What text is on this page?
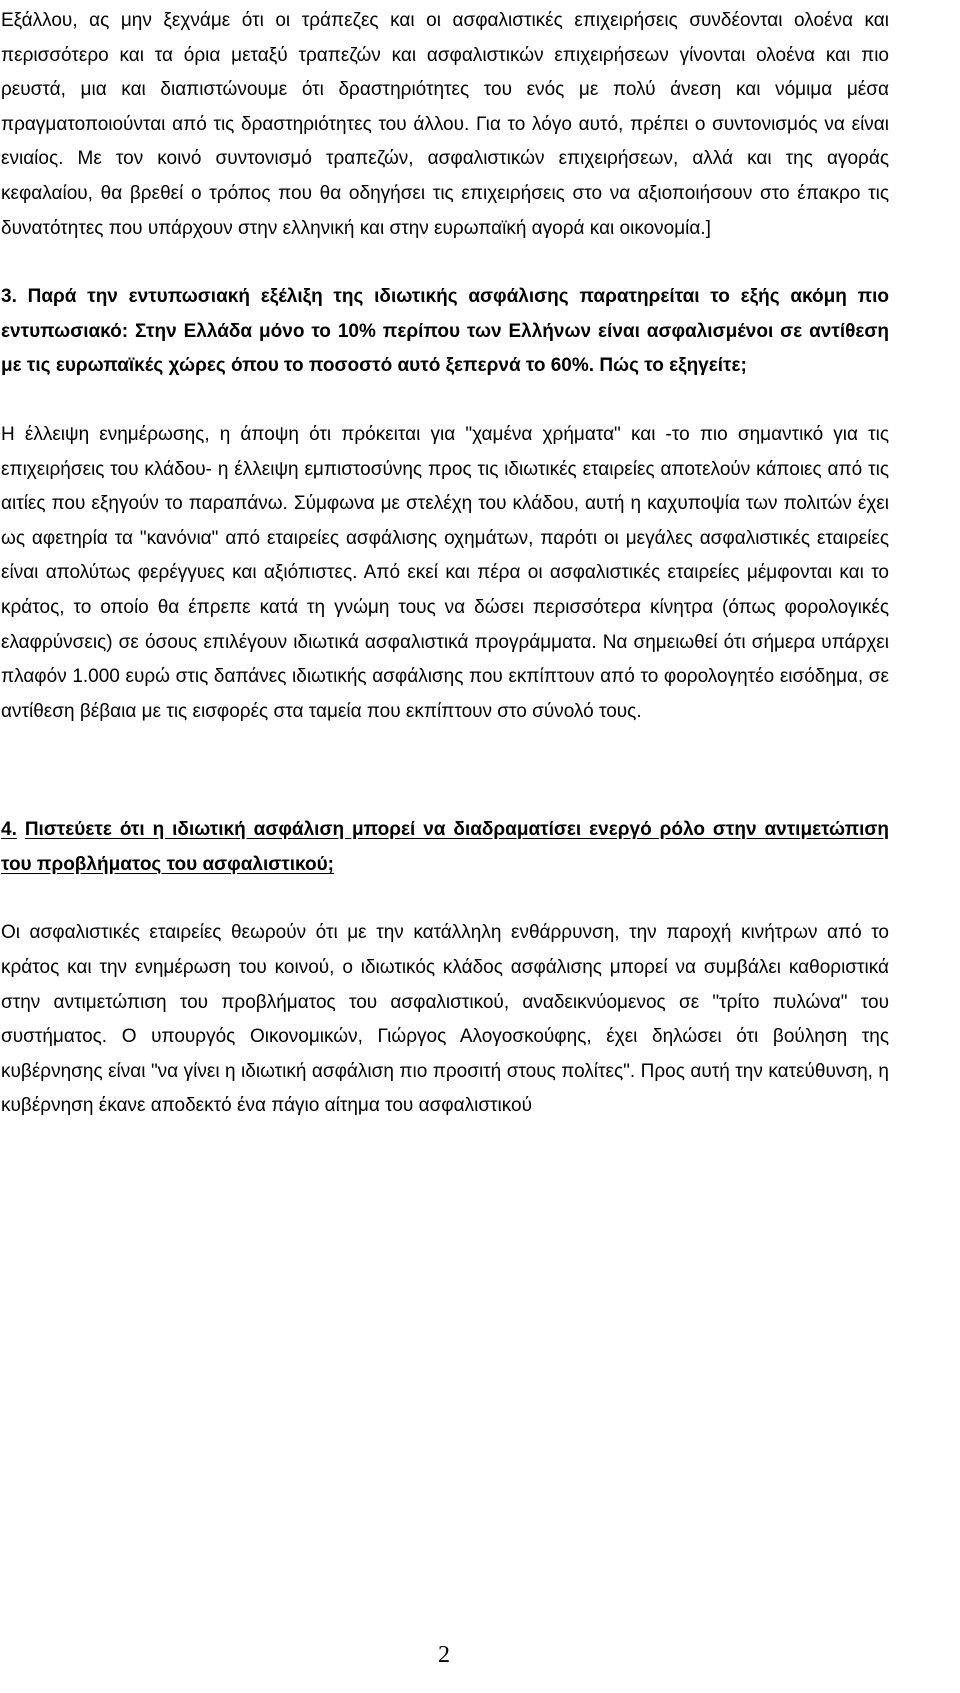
Εξάλλου, ας μην ξεχνάμε ότι οι τράπεζες και οι ασφαλιστικές επιχειρήσεις συνδέονται ολοένα και περισσότερο και τα όρια μεταξύ τραπεζών και ασφαλιστικών επιχειρήσεων γίνονται ολοένα και πιο ρευστά, μια και διαπιστώνουμε ότι δραστηριότητες του ενός με πολύ άνεση και νόμιμα μέσα πραγματοποιούνται από τις δραστηριότητες του άλλου. Για το λόγο αυτό, πρέπει ο συντονισμός να είναι ενιαίος. Με τον κοινό συντονισμό τραπεζών, ασφαλιστικών επιχειρήσεων, αλλά και της αγοράς κεφαλαίου, θα βρεθεί ο τρόπος που θα οδηγήσει τις επιχειρήσεις στο να αξιοποιήσουν στο έπακρο τις δυνατότητες που υπάρχουν στην ελληνική και στην ευρωπαϊκή αγορά και οικονομία.]

3. Παρά την εντυπωσιακή εξέλιξη της ιδιωτικής ασφάλισης παρατηρείται το εξής ακόμη πιο εντυπωσιακό: Στην Ελλάδα μόνο το 10% περίπου των Ελλήνων είναι ασφαλισμένοι σε αντίθεση με τις ευρωπαϊκές χώρες όπου το ποσοστό αυτό ξεπερνά το 60%. Πώς το εξηγείτε;

Η έλλειψη ενημέρωσης, η άποψη ότι πρόκειται για "χαμένα χρήματα" και -το πιο σημαντικό για τις επιχειρήσεις του κλάδου- η έλλειψη εμπιστοσύνης προς τις ιδιωτικές εταιρείες αποτελούν κάποιες από τις αιτίες που εξηγούν το παραπάνω. Σύμφωνα με στελέχη του κλάδου, αυτή η καχυποψία των πολιτών έχει ως αφετηρία τα "κανόνια" από εταιρείες ασφάλισης οχημάτων, παρότι οι μεγάλες ασφαλιστικές εταιρείες είναι απολύτως φερέγγυες και αξιόπιστες. Από εκεί και πέρα οι ασφαλιστικές εταιρείες μέμφονται και το κράτος, το οποίο θα έπρεπε κατά τη γνώμη τους να δώσει περισσότερα κίνητρα (όπως φορολογικές ελαφρύνσεις) σε όσους επιλέγουν ιδιωτικά ασφαλιστικά προγράμματα. Να σημειωθεί ότι σήμερα υπάρχει πλαφόν 1.000 ευρώ στις δαπάνες ιδιωτικής ασφάλισης που εκπίπτουν από το φορολογητέο εισόδημα, σε αντίθεση βέβαια με τις εισφορές στα ταμεία που εκπίπτουν στο σύνολό τους.

4. Πιστεύετε ότι η ιδιωτική ασφάλιση μπορεί να διαδραματίσει ενεργό ρόλο στην αντιμετώπιση του προβλήματος του ασφαλιστικού;

Οι ασφαλιστικές εταιρείες θεωρούν ότι με την κατάλληλη ενθάρρυνση, την παροχή κινήτρων από το κράτος και την ενημέρωση του κοινού, ο ιδιωτικός κλάδος ασφάλισης μπορεί να συμβάλει καθοριστικά στην αντιμετώπιση του προβλήματος του ασφαλιστικού, αναδεικνύομενος σε "τρίτο πυλώνα" του συστήματος. Ο υπουργός Οικονομικών, Γιώργος Αλογοσκούφης, έχει δηλώσει ότι βούληση της κυβέρνησης είναι "να γίνει η ιδιωτική ασφάλιση πιο προσιτή στους πολίτες". Προς αυτή την κατεύθυνση, η κυβέρνηση έκανε αποδεκτό ένα πάγιο αίτημα του ασφαλιστικού

2
